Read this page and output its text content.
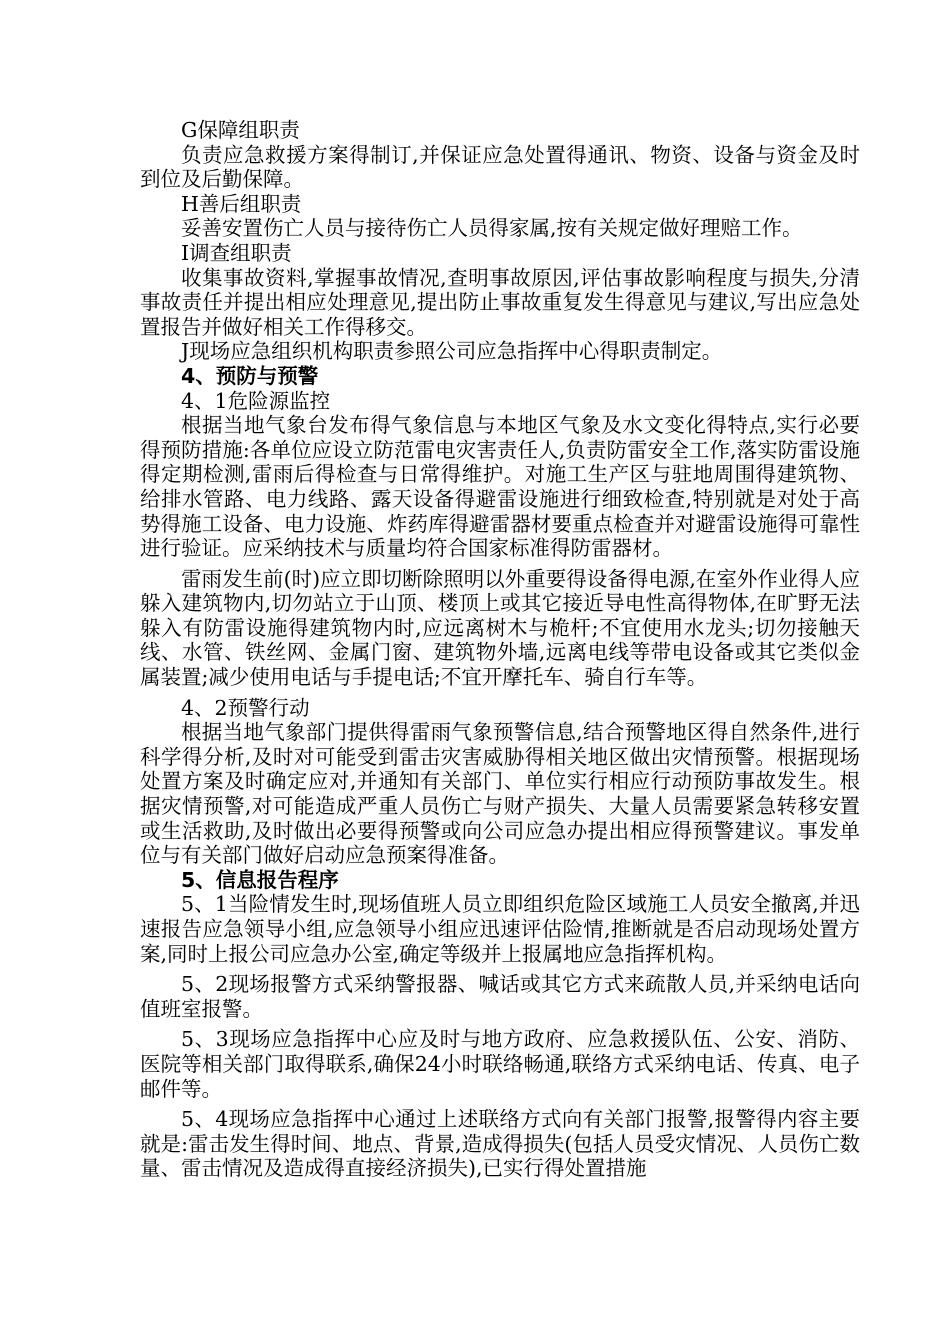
G保障组职责

负责应急救援方案得制订,并保证应急处置得通讯、物资、设备与资金及时到位及后勤保障。

H善后组职责

妥善安置伤亡人员与接待伤亡人员得家属,按有关规定做好理赔工作。

I调查组职责

收集事故资料,掌握事故情况,查明事故原因,评估事故影响程度与损失,分清事故责任并提出相应处理意见,提出防止事故重复发生得意见与建议,写出应急处置报告并做好相关工作得移交。

J现场应急组织机构职责参照公司应急指挥中心得职责制定。

4、预防与预警

4、1危险源监控

根据当地气象台发布得气象信息与本地区气象及水文变化得特点,实行必要得预防措施:各单位应设立防范雷电灾害责任人,负责防雷安全工作,落实防雷设施得定期检测,雷雨后得检查与日常得维护。对施工生产区与驻地周围得建筑物、给排水管路、电力线路、露天设备得避雷设施进行细致检查,特别就是对处于高势得施工设备、电力设施、炸药库得避雷器材要重点检查并对避雷设施得可靠性进行验证。应采纳技术与质量均符合国家标准得防雷器材。

雷雨发生前(时)应立即切断除照明以外重要得设备得电源,在室外作业得人应躲入建筑物内,切勿站立于山顶、楼顶上或其它接近导电性高得物体,在旷野无法躲入有防雷设施得建筑物内时,应远离树木与桅杆;不宜使用水龙头;切勿接触天线、水管、铁丝网、金属门窗、建筑物外墙,远离电线等带电设备或其它类似金属装置;减少使用电话与手提电话;不宜开摩托车、骑自行车等。

4、2预警行动

根据当地气象部门提供得雷雨气象预警信息,结合预警地区得自然条件,进行科学得分析,及时对可能受到雷击灾害威胁得相关地区做出灾情预警。根据现场处置方案及时确定应对,并通知有关部门、单位实行相应行动预防事故发生。根据灾情预警,对可能造成严重人员伤亡与财产损失、大量人员需要紧急转移安置或生活救助,及时做出必要得预警或向公司应急办提出相应得预警建议。事发单位与有关部门做好启动应急预案得准备。

5、信息报告程序

5、1当险情发生时,现场值班人员立即组织危险区域施工人员安全撤离,并迅速报告应急领导小组,应急领导小组应迅速评估险情,推断就是否启动现场处置方案,同时上报公司应急办公室,确定等级并上报属地应急指挥机构。

5、2现场报警方式采纳警报器、喊话或其它方式来疏散人员,并采纳电话向值班室报警。

5、3现场应急指挥中心应及时与地方政府、应急救援队伍、公安、消防、医院等相关部门取得联系,确保24小时联络畅通,联络方式采纳电话、传真、电子邮件等。

5、4现场应急指挥中心通过上述联络方式向有关部门报警,报警得内容主要就是:雷击发生得时间、地点、背景,造成得损失(包括人员受灾情况、人员伤亡数量、雷击情况及造成得直接经济损失),已实行得处置措施
